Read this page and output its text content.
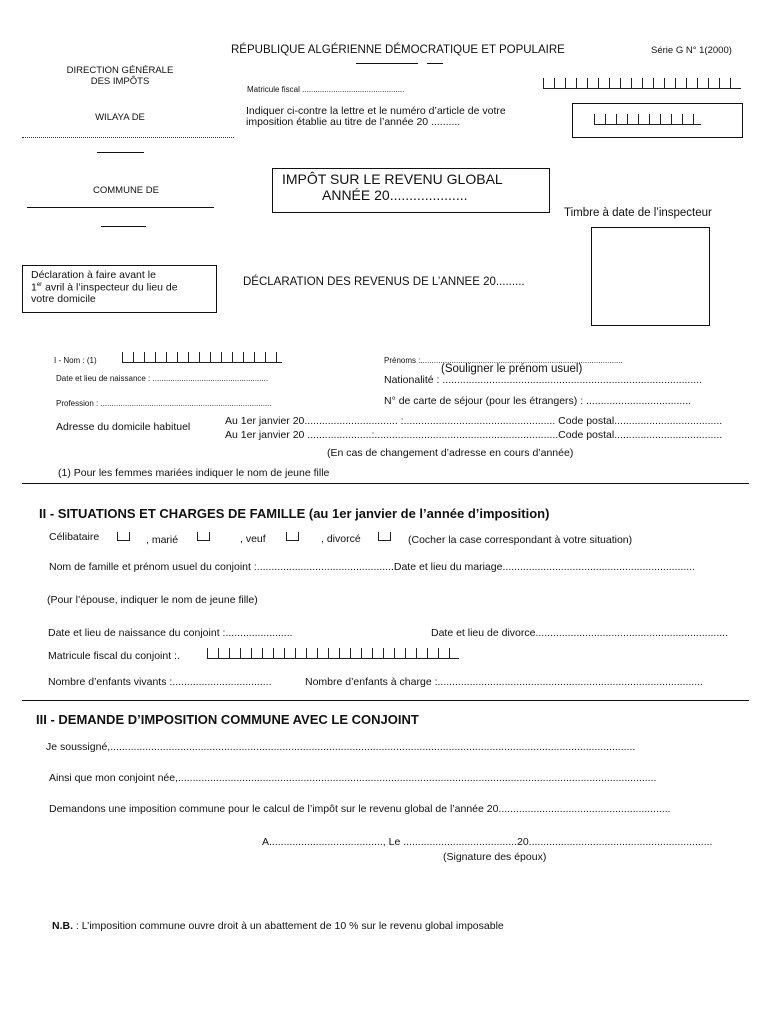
RÉPUBLIQUE ALGÉRIENNE DÉMOCRATIQUE ET POPULAIRE	Série G N° 1(2000)
DIRECTION GÉNÉRALE
DES IMPÔTS
Matricule fiscal ..............................................
WILAYA DE
Indiquer ci-contre la lettre et le numéro d’article de votre
imposition établie au titre de l’année 20 ..........
IMPÔT SUR LE REVENU GLOBAL
ANNÉE 20....................
COMMUNE DE
Timbre à date de l’inspecteur
Déclaration à faire avant le
1er avril à l’inspecteur du lieu de
votre domicile
DÉCLARATION DES REVENUS DE L’ANNEE 20.........
I - Nom : (1)	Prénoms :...........................................................................................
(Souligner le prénom usuel)
Date et lieu de naissance : ....................................................	Nationalité : .........................................................................................
Profession : .............................................................................	N° de carte de séjour (pour les étrangers) : ....................................
Adresse du domicile habituel	Au 1er janvier 20................................ :.................................................... Code postal.....................................
Au 1er janvier 20 ......................:...............................................................Code postal.....................................
(En cas de changement d’adresse en cours d’année)
(1) Pour les femmes mariées indiquer le nom de jeune fille
II - SITUATIONS ET CHARGES DE FAMILLE (au 1er janvier de l’année d’imposition)
Célibataire	, marié	, veuf	, divorcé	(Cocher la case correspondant à votre situation)
Nom de famille et prénom usuel du conjoint :...............................................Date et lieu du mariage..................................................................
(Pour l’épouse, indiquer le nom de jeune fille)
Date et lieu de naissance du conjoint :.......................	Date et lieu de divorce..................................................................
Matricule fiscal du conjoint :.
Nombre d’enfants vivants :..................................	Nombre d’enfants à charge :...........................................................................................
III - DEMANDE D’IMPOSITION COMMUNE AVEC LE CONJOINT
Je soussigné,....................................................................................................................................................................................
Ainsi que mon conjoint née,....................................................................................................................................................................
Demandons une imposition commune pour le calcul de l’impôt sur le revenu global de l’année 20...........................................................
A......................................., Le .......................................20...............................................................
(Signature des époux)
N.B. : L’imposition commune ouvre droit à un abattement de 10 % sur le revenu global imposable
